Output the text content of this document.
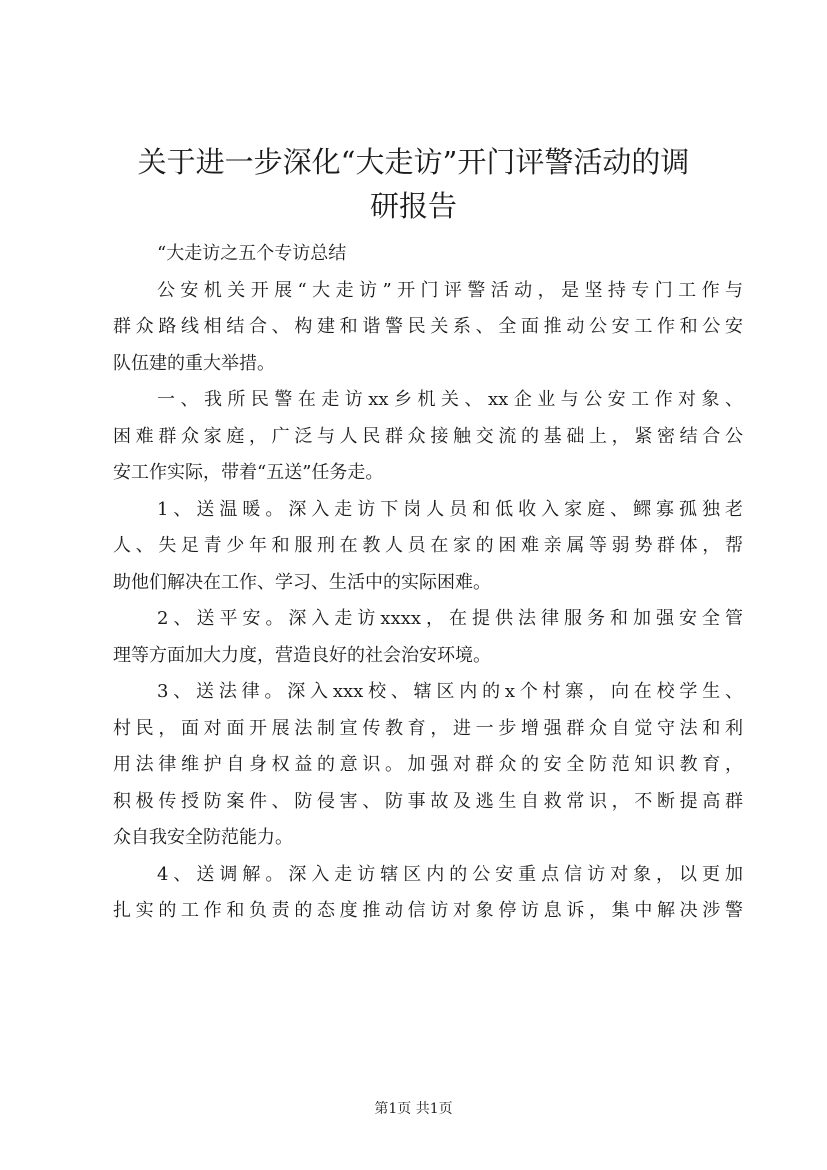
关于进一步深化“大走访”开门评警活动的调
研报告

“大走访之五个专访总结

公安机关开展“大走访”开门评警活动，是坚持专门工作与
群众路线相结合、构建和谐警民关系、全面推动公安工作和公安
队伍建的重大举措。

一、我所民警在走访xx乡机关、xx企业与公安工作对象、
困难群众家庭，广泛与人民群众接触交流的基础上，紧密结合公
安工作实际，带着“五送”任务走。

1、送温暖。深入走访下岗人员和低收入家庭、鳏寡孤独老
人、失足青少年和服刑在教人员在家的困难亲属等弱势群体，帮
助他们解决在工作、学习、生活中的实际困难。

2、送平安。深入走访xxxx，在提供法律服务和加强安全管
理等方面加大力度，营造良好的社会治安环境。

3、送法律。深入xxx校、辖区内的x个村寨，向在校学生、
村民，面对面开展法制宣传教育，进一步增强群众自觉守法和利
用法律维护自身权益的意识。加强对群众的安全防范知识教育，
积极传授防案件、防侵害、防事故及逃生自救常识，不断提高群
众自我安全防范能力。

4、送调解。深入走访辖区内的公安重点信访对象，以更加
扎实的工作和负责的态度推动信访对象停访息诉，集中解决涉警

第1页 共1页
